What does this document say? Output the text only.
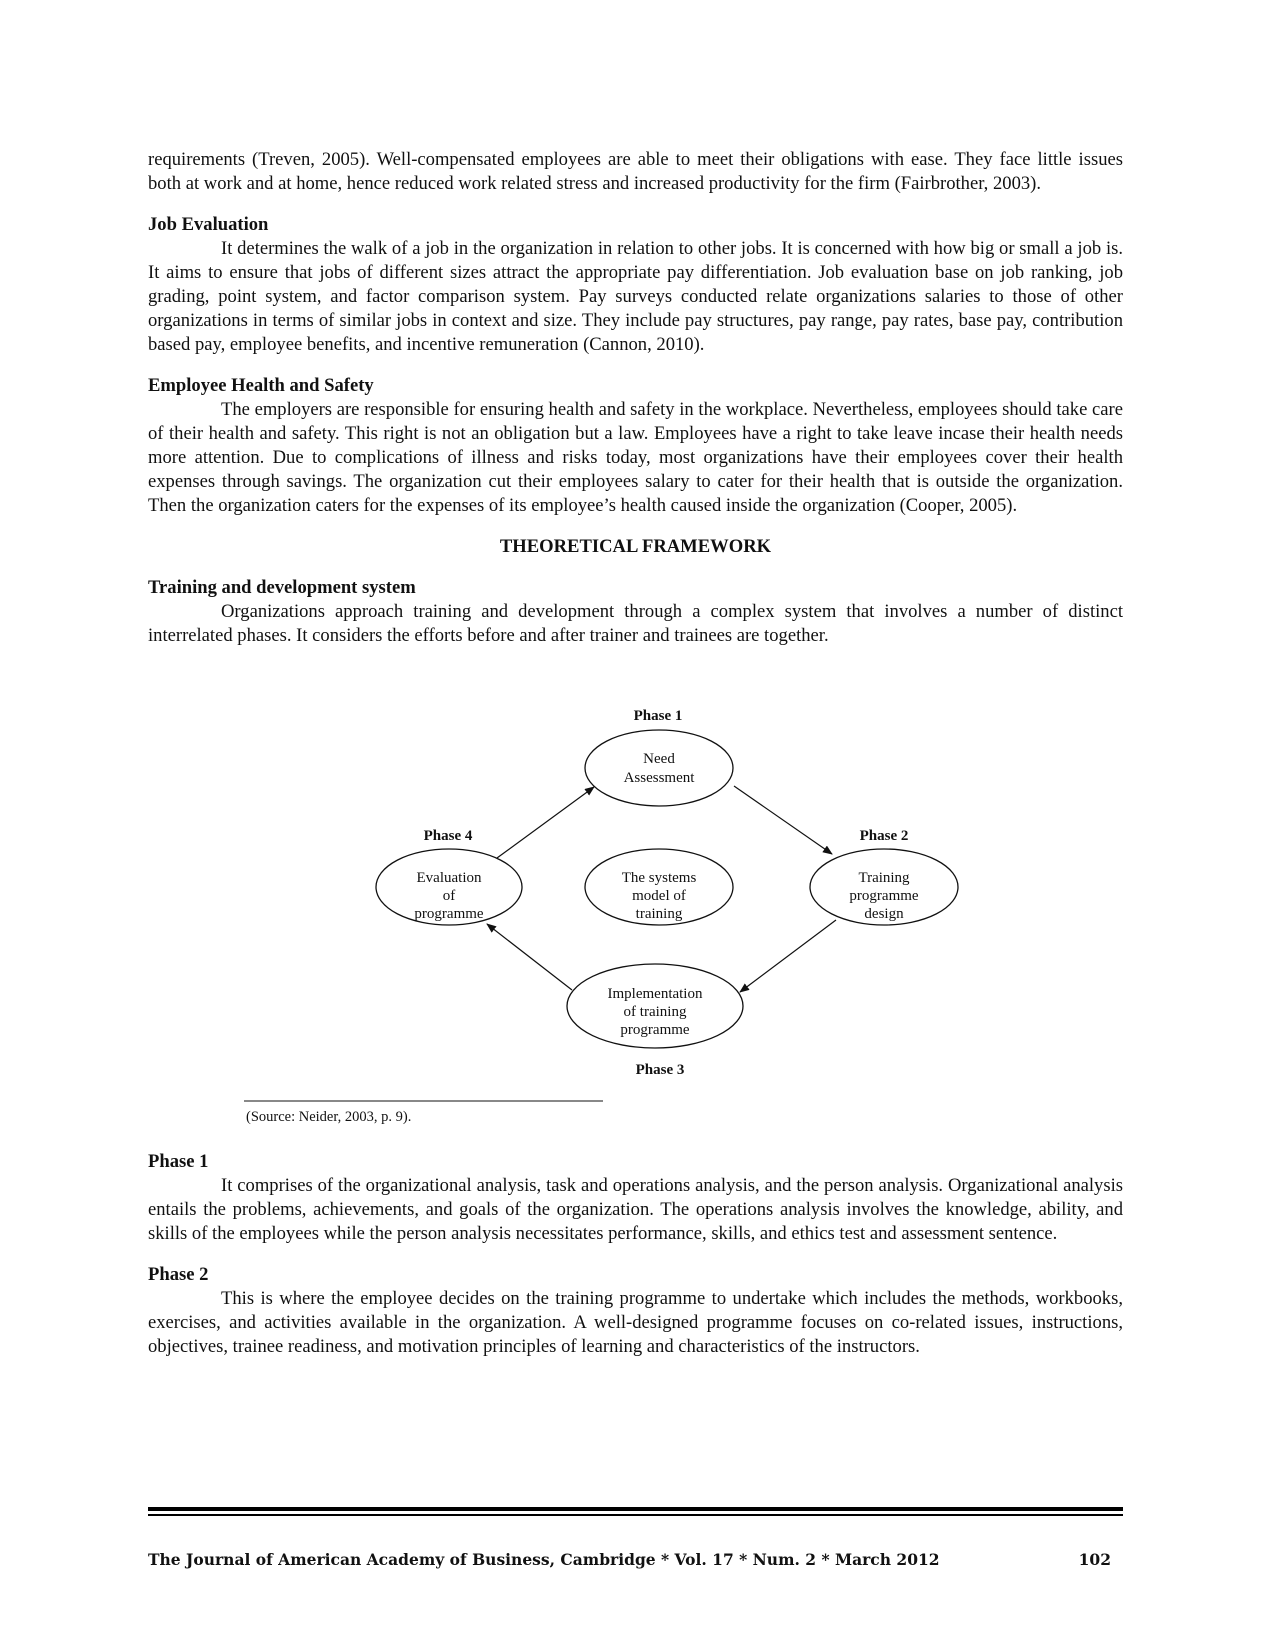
requirements (Treven, 2005). Well-compensated employees are able to meet their obligations with ease. They face little issues both at work and at home, hence reduced work related stress and increased productivity for the firm (Fairbrother, 2003).

Job Evaluation

It determines the walk of a job in the organization in relation to other jobs. It is concerned with how big or small a job is. It aims to ensure that jobs of different sizes attract the appropriate pay differentiation. Job evaluation base on job ranking, job grading, point system, and factor comparison system. Pay surveys conducted relate organizations salaries to those of other organizations in terms of similar jobs in context and size. They include pay structures, pay range, pay rates, base pay, contribution based pay, employee benefits, and incentive remuneration (Cannon, 2010).

Employee Health and Safety

The employers are responsible for ensuring health and safety in the workplace. Nevertheless, employees should take care of their health and safety. This right is not an obligation but a law. Employees have a right to take leave incase their health needs more attention. Due to complications of illness and risks today, most organizations have their employees cover their health expenses through savings. The organization cut their employees salary to cater for their health that is outside the organization. Then the organization caters for the expenses of its employee’s health caused inside the organization (Cooper, 2005).

THEORETICAL FRAMEWORK
Training and development system

Organizations approach training and development through a complex system that involves a number of distinct interrelated phases. It considers the efforts before and after trainer and trainees are together.

Phase 1
Need
Assessment
Phase 2
Training
programme
design
The systems
model of
training
Phase 4
Evaluation
of
programme
Implementation
of training
programme
Phase 3
(Source: Neider, 2003, p. 9).
Phase 1

It comprises of the organizational analysis, task and operations analysis, and the person analysis. Organizational analysis entails the problems, achievements, and goals of the organization. The operations analysis involves the knowledge, ability, and skills of the employees while the person analysis necessitates performance, skills, and ethics test and assessment sentence.

Phase 2

This is where the employee decides on the training programme to undertake which includes the methods, workbooks, exercises, and activities available in the organization. A well-designed programme focuses on co-related issues, instructions, objectives, trainee readiness, and motivation principles of learning and characteristics of the instructors.

The Journal of American Academy of Business, Cambridge * Vol. 17 * Num. 2 * March 2012	102
